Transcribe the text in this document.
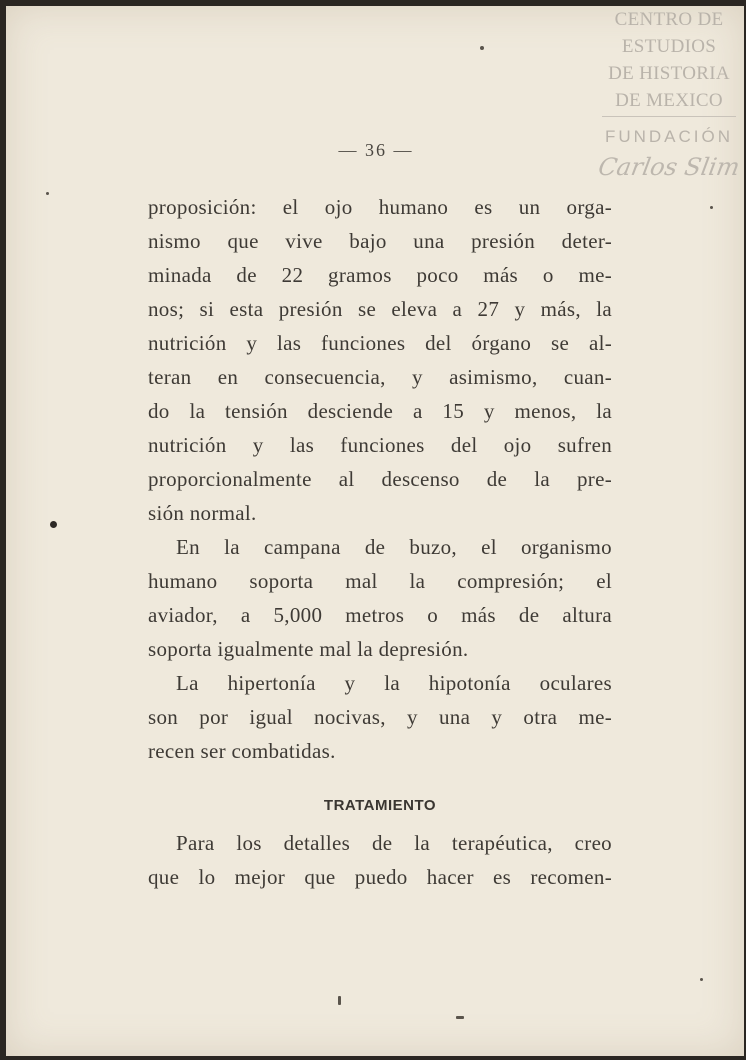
CENTRO DE
ESTUDIOS
DE HISTORIA
DE MEXICO
FUNDACIÓN
Carlos Slim
— 36 —
proposición: el ojo humano es un orga-
nismo que vive bajo una presión deter-
minada de 22 gramos poco más o me-
nos; si esta presión se eleva a 27 y más, la
nutrición y las funciones del órgano se al-
teran en consecuencia, y asimismo, cuan-
do la tensión desciende a 15 y menos, la
nutrición y las funciones del ojo sufren
proporcionalmente al descenso de la pre-
sión normal.
En la campana de buzo, el organismo
humano soporta mal la compresión; el
aviador, a 5,000 metros o más de altura
soporta igualmente mal la depresión.
La hipertonía y la hipotonía oculares
son por igual nocivas, y una y otra me-
recen ser combatidas.
TRATAMIENTO
Para los detalles de la terapéutica, creo
que lo mejor que puedo hacer es recomen-
